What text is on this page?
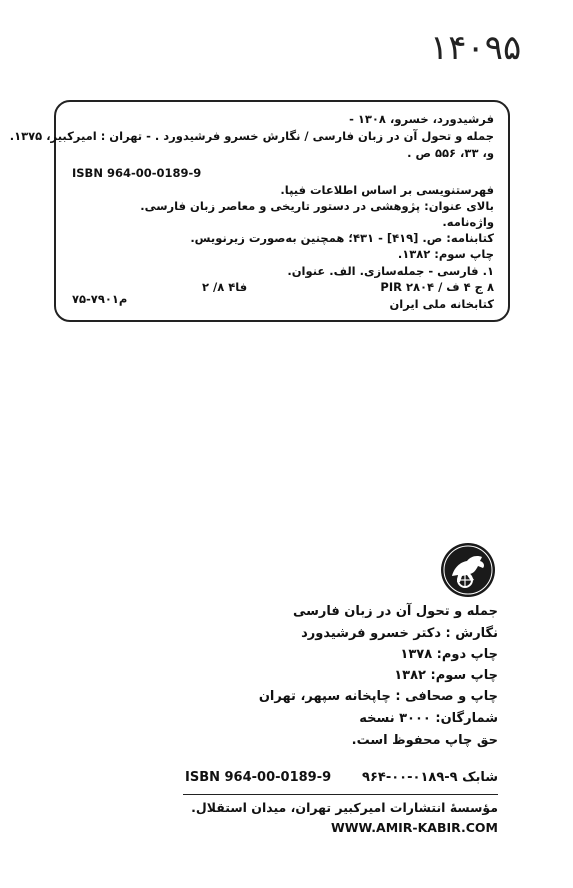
۱۴۰۹۵
فرشیدورد، خسرو، ۱۳۰۸ -
جمله و تحول آن در زبان فارسی / نگارش خسرو فرشیدورد . - تهران : امیرکبیر، ۱۳۷۵.
و، ۳۳، ۵۵۶ ص .
ISBN 964-00-0189-9
فهرستنویسی بر اساس اطلاعات فیپا.
بالای عنوان: پژوهشی در دستور تاریخی و معاصر زبان فارسی.
واژه‌نامه.
کتابنامه: ص. [۴۱۹] - ۴۳۱؛ همچنین به‌صورت زیرنویس.
چاپ سوم: ۱۳۸۲.
۱. فارسی - جمله‌سازی. الف. عنوان.
۸ ج ۴ ف / PIR ۲۸۰۴
۲ /۸ فا۴
کتابخانه ملی ایران
۷۵-۷۹۰۱م
جمله و تحول آن در زبان فارسی
نگارش : دکتر خسرو فرشیدورد
چاپ دوم: ۱۳۷۸
چاپ سوم: ۱۳۸۲
چاپ و صحافی : چاپخانه سپهر، تهران
شمارگان: ۳۰۰۰ نسخه
حق چاپ محفوظ است.
ISBN 964-00-0189-9 شابک ۹-۰۱۸۹-۰۰-۹۶۴
مؤسسهٔ انتشارات امیرکبیر تهران، میدان استقلال.
WWW.AMIR-KABIR.COM
